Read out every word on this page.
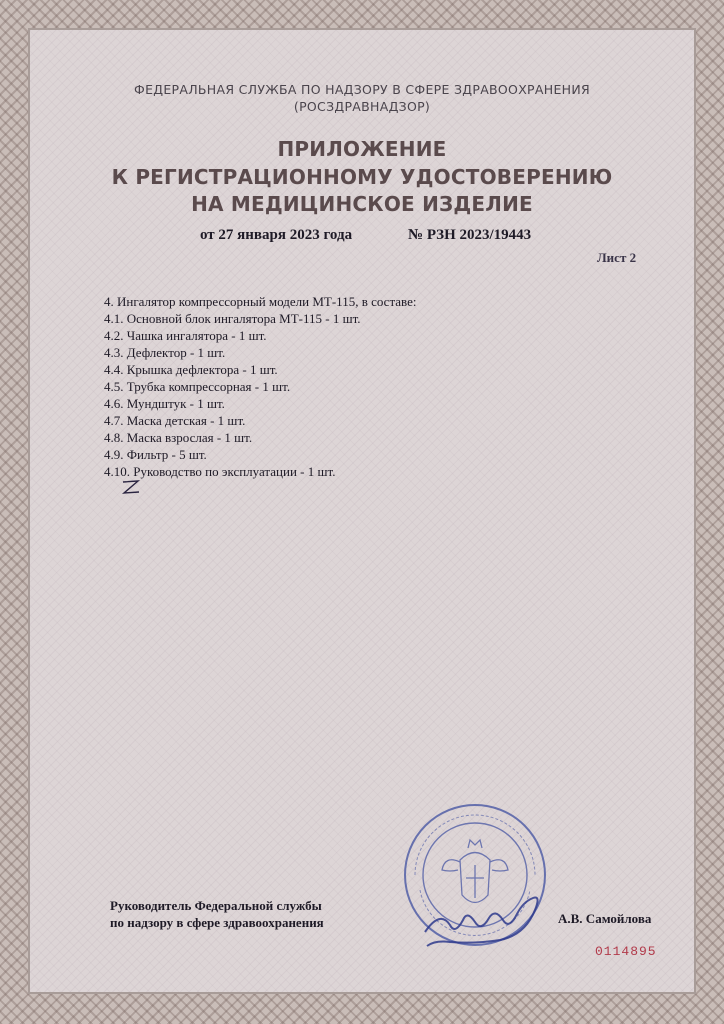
ФЕДЕРАЛЬНАЯ СЛУЖБА ПО НАДЗОРУ В СФЕРЕ ЗДРАВООХРАНЕНИЯ
(РОСЗДРАВНАДЗОР)
ПРИЛОЖЕНИЕ
К РЕГИСТРАЦИОННОМУ УДОСТОВЕРЕНИЮ
НА МЕДИЦИНСКОЕ ИЗДЕЛИЕ
от 27 января 2023 года	№ РЗН 2023/19443
Лист 2
4. Ингалятор компрессорный модели МТ-115, в составе:
4.1. Основной блок ингалятора МТ-115 - 1 шт.
4.2. Чашка ингалятора - 1 шт.
4.3. Дефлектор - 1 шт.
4.4. Крышка дефлектора - 1 шт.
4.5. Трубка компрессорная - 1 шт.
4.6. Мундштук - 1 шт.
4.7. Маска детская - 1 шт.
4.8. Маска взрослая - 1 шт.
4.9. Фильтр - 5 шт.
4.10. Руководство по эксплуатации - 1 шт.
Руководитель Федеральной службы
по надзору в сфере здравоохранения	А.В. Самойлова
0114895
